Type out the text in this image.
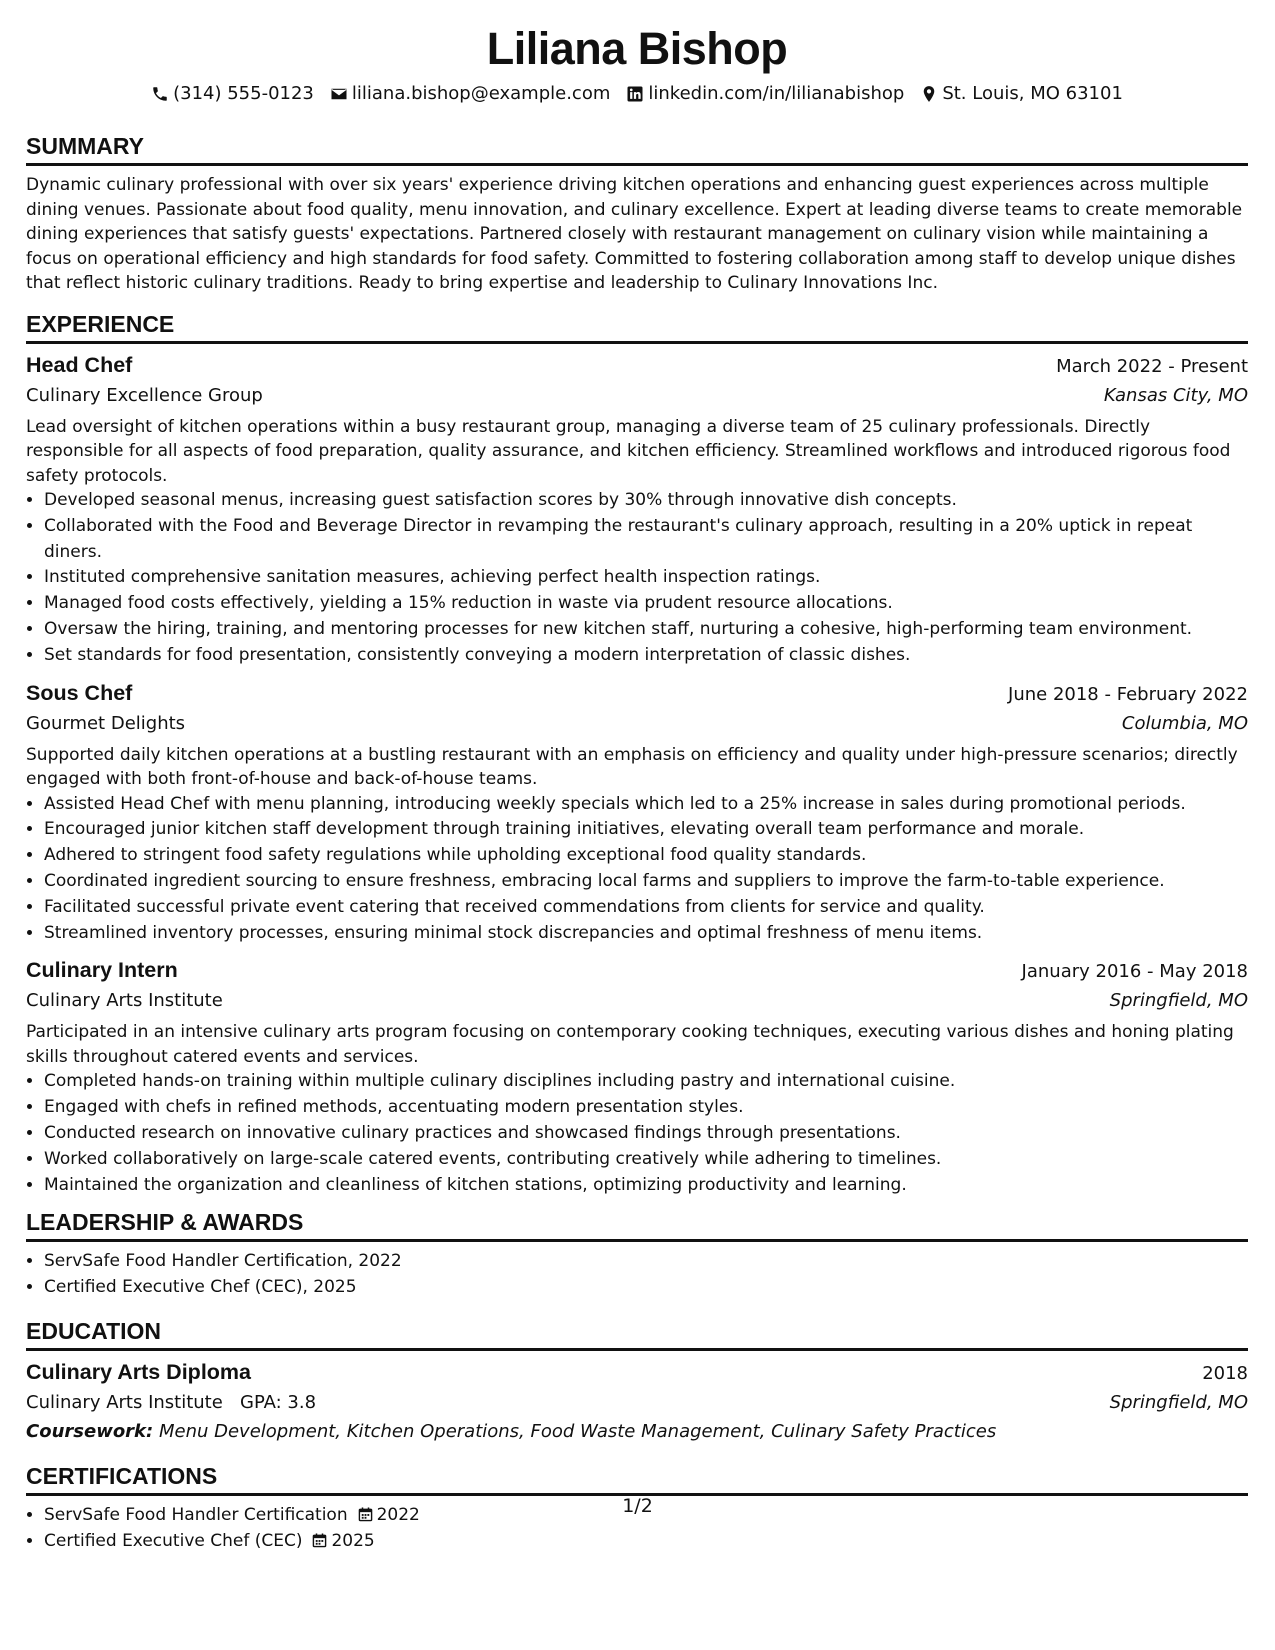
Liliana Bishop
(314) 555-0123 liliana.bishop@example.com linkedin.com/in/lilianabishop St. Louis, MO 63101
SUMMARY

Dynamic culinary professional with over six years' experience driving kitchen operations and enhancing guest experiences across multiple dining venues. Passionate about food quality, menu innovation, and culinary excellence. Expert at leading diverse teams to create memorable dining experiences that satisfy guests' expectations. Partnered closely with restaurant management on culinary vision while maintaining a focus on operational efficiency and high standards for food safety. Committed to fostering collaboration among staff to develop unique dishes that reflect historic culinary traditions. Ready to bring expertise and leadership to Culinary Innovations Inc.

EXPERIENCE
Head Chef	March 2022 - Present
Culinary Excellence Group	Kansas City, MO

Lead oversight of kitchen operations within a busy restaurant group, managing a diverse team of 25 culinary professionals. Directly responsible for all aspects of food preparation, quality assurance, and kitchen efficiency. Streamlined workflows and introduced rigorous food safety protocols.

• Developed seasonal menus, increasing guest satisfaction scores by 30% through innovative dish concepts.
• Collaborated with the Food and Beverage Director in revamping the restaurant's culinary approach, resulting in a 20% uptick in repeat diners.
• Instituted comprehensive sanitation measures, achieving perfect health inspection ratings.
• Managed food costs effectively, yielding a 15% reduction in waste via prudent resource allocations.
• Oversaw the hiring, training, and mentoring processes for new kitchen staff, nurturing a cohesive, high-performing team environment.
• Set standards for food presentation, consistently conveying a modern interpretation of classic dishes.
Sous Chef	June 2018 - February 2022
Gourmet Delights	Columbia, MO

Supported daily kitchen operations at a bustling restaurant with an emphasis on efficiency and quality under high-pressure scenarios; directly engaged with both front-of-house and back-of-house teams.

• Assisted Head Chef with menu planning, introducing weekly specials which led to a 25% increase in sales during promotional periods.
• Encouraged junior kitchen staff development through training initiatives, elevating overall team performance and morale.
• Adhered to stringent food safety regulations while upholding exceptional food quality standards.
• Coordinated ingredient sourcing to ensure freshness, embracing local farms and suppliers to improve the farm-to-table experience.
• Facilitated successful private event catering that received commendations from clients for service and quality.
• Streamlined inventory processes, ensuring minimal stock discrepancies and optimal freshness of menu items.
Culinary Intern	January 2016 - May 2018
Culinary Arts Institute	Springfield, MO

Participated in an intensive culinary arts program focusing on contemporary cooking techniques, executing various dishes and honing plating skills throughout catered events and services.

• Completed hands-on training within multiple culinary disciplines including pastry and international cuisine.
• Engaged with chefs in refined methods, accentuating modern presentation styles.
• Conducted research on innovative culinary practices and showcased findings through presentations.
• Worked collaboratively on large-scale catered events, contributing creatively while adhering to timelines.
• Maintained the organization and cleanliness of kitchen stations, optimizing productivity and learning.
LEADERSHIP & AWARDS
• ServSafe Food Handler Certification, 2022
• Certified Executive Chef (CEC), 2025
EDUCATION
Culinary Arts Diploma	2018
Culinary Arts Institute GPA: 3.8	Springfield, MO
Coursework: Menu Development, Kitchen Operations, Food Waste Management, Culinary Safety Practices
CERTIFICATIONS
• ServSafe Food Handler Certification 2022
• Certified Executive Chef (CEC) 2025
1/2
